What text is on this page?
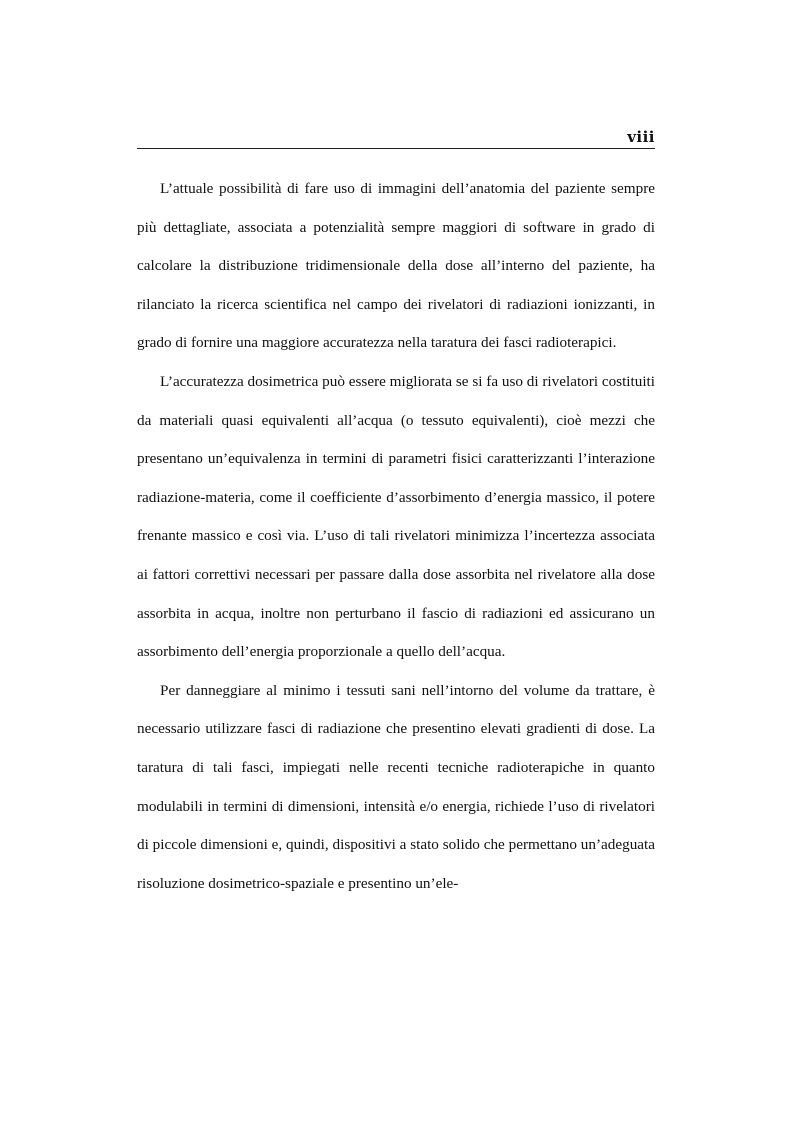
viii

L’attuale possibilità di fare uso di immagini dell’anatomia del paziente sempre più dettagliate, associata a potenzialità sempre maggiori di software in grado di calcolare la distribuzione tridimensionale della dose all’interno del paziente, ha rilanciato la ricerca scientifica nel campo dei rivelatori di radiazioni ionizzanti, in grado di fornire una maggiore accuratezza nella taratura dei fasci radioterapici.

L’accuratezza dosimetrica può essere migliorata se si fa uso di rivelatori costituiti da materiali quasi equivalenti all’acqua (o tessuto equivalenti), cioè mezzi che presentano un’equivalenza in termini di parametri fisici caratterizzanti l’interazione radiazione-materia, come il coefficiente d’assorbimento d’energia massico, il potere frenante massico e così via. L’uso di tali rivelatori minimizza l’incertezza associata ai fattori correttivi necessari per passare dalla dose assorbita nel rivelatore alla dose assorbita in acqua, inoltre non perturbano il fascio di radiazioni ed assicurano un assorbimento dell’energia proporzionale a quello dell’acqua.

Per danneggiare al minimo i tessuti sani nell’intorno del volume da trattare, è necessario utilizzare fasci di radiazione che presentino elevati gradienti di dose. La taratura di tali fasci, impiegati nelle recenti tecniche radioterapiche in quanto modulabili in termini di dimensioni, intensità e/o energia, richiede l’uso di rivelatori di piccole dimensioni e, quindi, dispositivi a stato solido che permettano un’adeguata risoluzione dosimetrico-spaziale e presentino un’ele-
